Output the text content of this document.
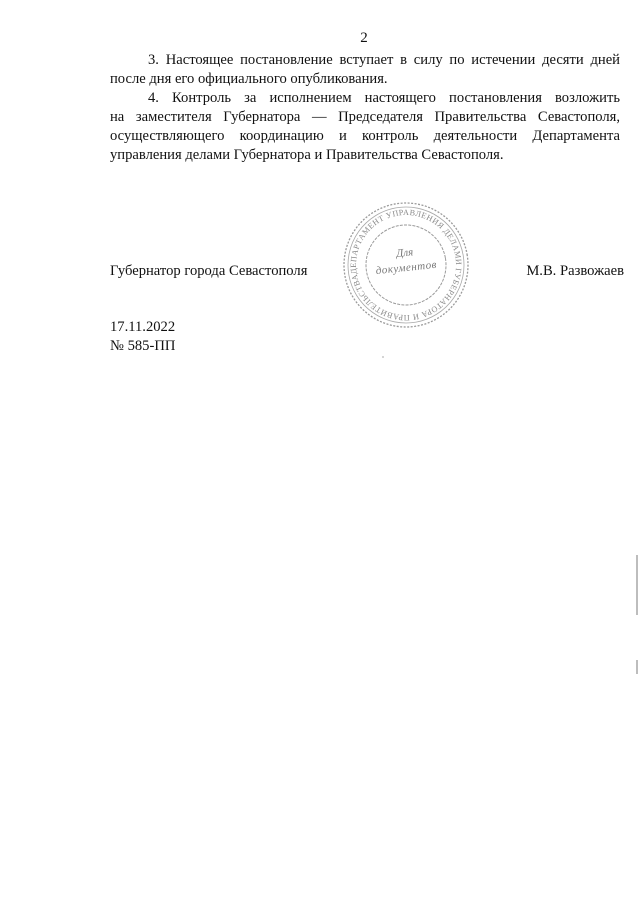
2

3. Настоящее постановление вступает в силу по истечении десяти дней
после дня его официального опубликования.

4. Контроль за исполнением настоящего постановления возложить
на заместителя Губернатора — Председателя Правительства Севастополя,
осуществляющего координацию и контроль деятельности Департамента
управления делами Губернатора и Правительства Севастополя.

ДЕПАРТАМЕНТ УПРАВЛЕНИЯ ДЕЛАМИ ГУБЕРНАТОРА И ПРАВИТЕЛЬСТВА
Для
документов
Губернатор города Севастополя	М.В. Развожаев
17.11.2022
№ 585-ПП
